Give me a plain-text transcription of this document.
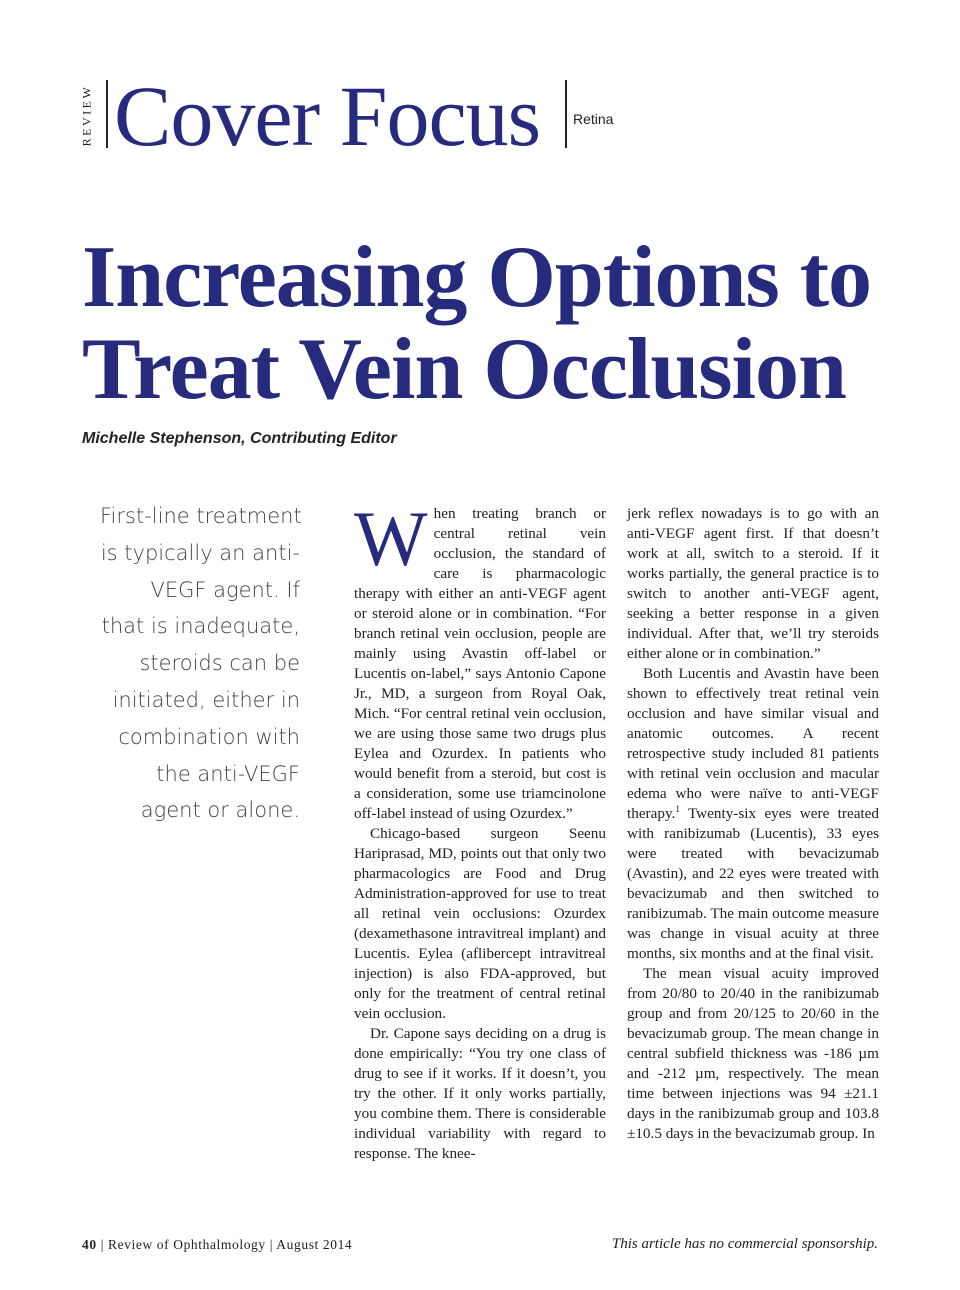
REVIEW Cover Focus Retina
Increasing Options to
Treat Vein Occlusion
Michelle Stephenson, Contributing Editor
First-line treatment
is typically an anti-
VEGF agent. If
that is inadequate,
steroids can be
initiated, either in
combination with
the anti-VEGF
agent or alone.

When treating branch or central retinal vein occlusion, the standard of care is pharmacologic therapy with either an anti-VEGF agent or steroid alone or in combination. “For branch retinal vein occlusion, people are mainly using Avastin off-label or Lucentis on-label,” says Antonio Capone Jr., MD, a surgeon from Royal Oak, Mich. “For central retinal vein occlusion, we are using those same two drugs plus Eylea and Ozurdex. In patients who would benefit from a steroid, but cost is a consideration, some use triamcinolone off-label instead of using Ozurdex.”

Chicago-based surgeon Seenu Hariprasad, MD, points out that only two pharmacologics are Food and Drug Administration-approved for use to treat all retinal vein occlusions: Ozurdex (dexamethasone intravitreal implant) and Lucentis. Eylea (aflibercept intravitreal injection) is also FDA-approved, but only for the treatment of central retinal vein occlusion.

Dr. Capone says deciding on a drug is done empirically: “You try one class of drug to see if it works. If it doesn’t, you try the other. If it only works partially, you combine them. There is considerable individual variability with regard to response. The knee-

jerk reflex nowadays is to go with an anti-VEGF agent first. If that doesn’t work at all, switch to a steroid. If it works partially, the general practice is to switch to another anti-VEGF agent, seeking a better response in a given individual. After that, we’ll try steroids either alone or in combination.”

Both Lucentis and Avastin have been shown to effectively treat retinal vein occlusion and have similar visual and anatomic outcomes. A recent retrospective study included 81 patients with retinal vein occlusion and macular edema who were naïve to anti-VEGF therapy.$^1$ Twenty-six eyes were treated with ranibizumab (Lucentis), 33 eyes were treated with bevacizumab (Avastin), and 22 eyes were treated with bevacizumab and then switched to ranibizumab. The main outcome measure was change in visual acuity at three months, six months and at the final visit.

The mean visual acuity improved from 20/80 to 20/40 in the ranibizumab group and from 20/125 to 20/60 in the bevacizumab group. The mean change in central subfield thickness was -186 µm and -212 µm, respectively. The mean time between injections was 94 ±21.1 days in the ranibizumab group and 103.8 ±10.5 days in the bevacizumab group. In

40 | Review of Ophthalmology | August 2014	This article has no commercial sponsorship.
